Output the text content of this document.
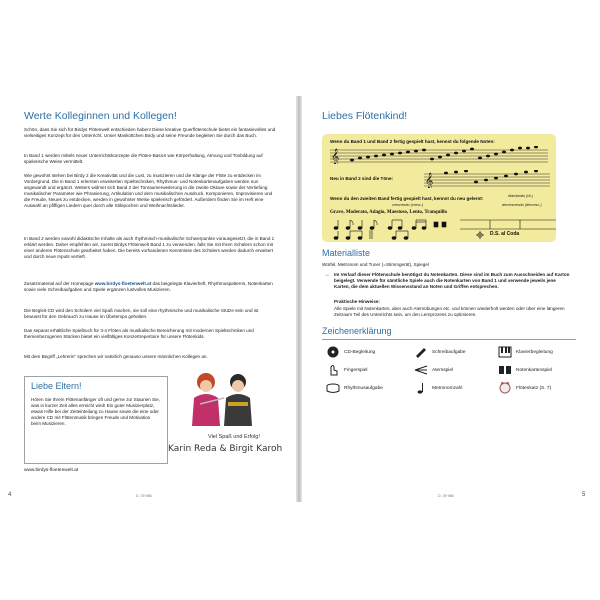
Werte Kolleginnen und Kollegen!

Schön, dass Sie sich für Birdys Flötenwelt entschieden haben! Diese kreative Querflötenschule bietet ein fantasievolles und vielseitiges Konzept für den Unterricht. Unser Maskottchen Birdy und seine Freunde begleiten Sie durch das Buch.

In Band 1 werden mittels neuer Unterrichtskonzepte die Flöten-Basics wie Körperhaltung, Atmung und Tonbildung auf spielerische Weise vermittelt.

Wie gewohnt stehen bei Birdy 2 die Kreativität und die Lust, zu musizieren und die Klänge der Flöte zu entdecken im Vordergrund. Die in Band 1 erlernten erweiterten Spieltechniken, Rhythmus- und Notenkartenaufgaben werden nun angewandt und ergänzt. Weiters widmet sich Band 2 der Tonraumerweiterung in die zweite Oktave sowie der Vertiefung musikalischer Parameter wie Phrasierung, Artikulation und dem musikalischen Ausdruck. Komponieren, Improvisieren und die Freude, Neues zu entdecken, werden in gewohnter Weise spielerisch gefördert. Außerdem finden Sie im Heft eine Auswahl an pfiffigen Liedern quer durch alle Stilepochen und Weihnachtslieder.

In Band 2 werden sowohl didaktische Inhalte als auch rhythmisch-musikalische Schwerpunkte vorausgesetzt, die in Band 1 erklärt werden. Daher empfehlen wir, zuerst Birdys Flötenwelt Band 1 zu verwenden, falls Sie mit Ihren Schülern schon mit einer anderen Flötenschule gearbeitet haben. Die bereits vorhandenen Kenntnisse des Schülers werden dadurch erweitert und durch neue Inputs vertieft.

Zusatzmaterial auf der Homepage www.birdys-floetenwelt.at das beigelegte Klavierheft, Rhythmuspatterns, Notenkarten sowie viele Schreibaufgaben und Spiele ergänzen lustvolles Musizieren.

Die Begleit-CD wird den Schülern viel Spaß machen, sie soll eine rhythmische und musikalische Stütze sein und ist bewusst für den Gebrauch zu Hause im Übetempo gehalten.

Das separat erhältliche Spielbuch für 3-4 Flöten als musikalische Bereicherung mit modernen Spieltechniken und themenbezogenen Stücken bietet ein vielfältiges Konzertrepertoire für unsere Flötenkids.

Mit dem Begriff „Lehrerin“ sprechen wir natürlich genauso unsere männlichen Kollegen an.

Liebe Eltern!

Hören Sie Ihrem Flötenanfänger oft und gerne zu! Staunen Sie, was in kurzer Zeit alles erreicht wird! Ein guter Musizierplatz, etwas Hilfe bei der Zeiteinteilung zu Hause sowie die eine oder andere CD mit Flötenmusik bringen Freude und Motivation beim Musizieren.

Viel Spaß und Erfolg!
Karin Reda & Birgit Karoh
www.birdys-floetenwelt.at
4	D. 39 986
Liebes Flötenkind!
Wenn du Band 1 und Band 2 fertig gespielt hast, kennst du folgende Noten:
𝄞
Neu in Band 2 sind die Töne: 𝄞
Wenn du den zweiten Band fertig gespielt hast, kennst du neu gelernt:	ritardando (rit.)
crescendo (cresc.)	decrescendo (decresc.)
Grave, Moderato, Adagio, Maestoso, Lento, Tranquillo
D.S. al Coda
Materialliste
Würfel, Metronom und Tuner (=Stimmgerät), Spiegel
→ Im Verlauf dieser Flötenschule benötigst du Notenkarten. Diese sind im Buch zum Ausschneiden auf Karton beigelegt. Verwende für sämtliche Spiele auch die Notenkarten von Band 1 und verwende jeweils jene Karten, die dem aktuellen Wissensstand an Noten und Griffen entsprechen.

Praktische Hinweise:

Alle Spiele mit Notenkarten, aber auch Atemübungen etc. und können wiederholt werden oder über eine längeren Zeitraum Teil des Unterrichts sein, um den Lernprozess zu optimieren.

Zeichenerklärung
CD-Begleitung	Schreibaufgabe	Klavierbegleitung
Fingerspiel	Atemspiel	Notenkartenspiel
Rhythmusaufgabe	Metronomzahl	Flötenkatz (S. 7)
D. 39 986	5
